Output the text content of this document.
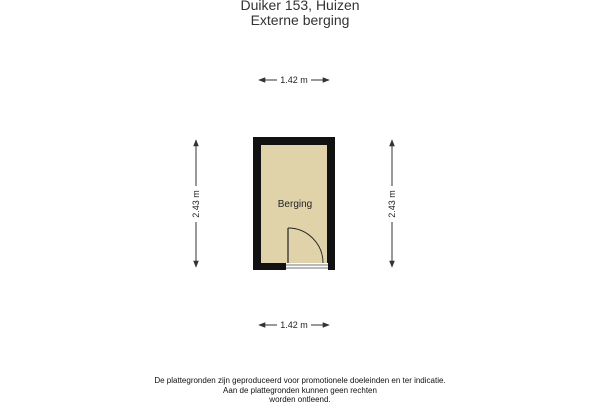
Duiker 153, Huizen
Externe berging
1.42 m
1.42 m
2.43 m	2.43 m
Berging
De plattegronden zijn geproduceerd voor promotionele doeleinden en ter indicatie.
Aan de plattegronden kunnen geen rechten
worden ontleend.
